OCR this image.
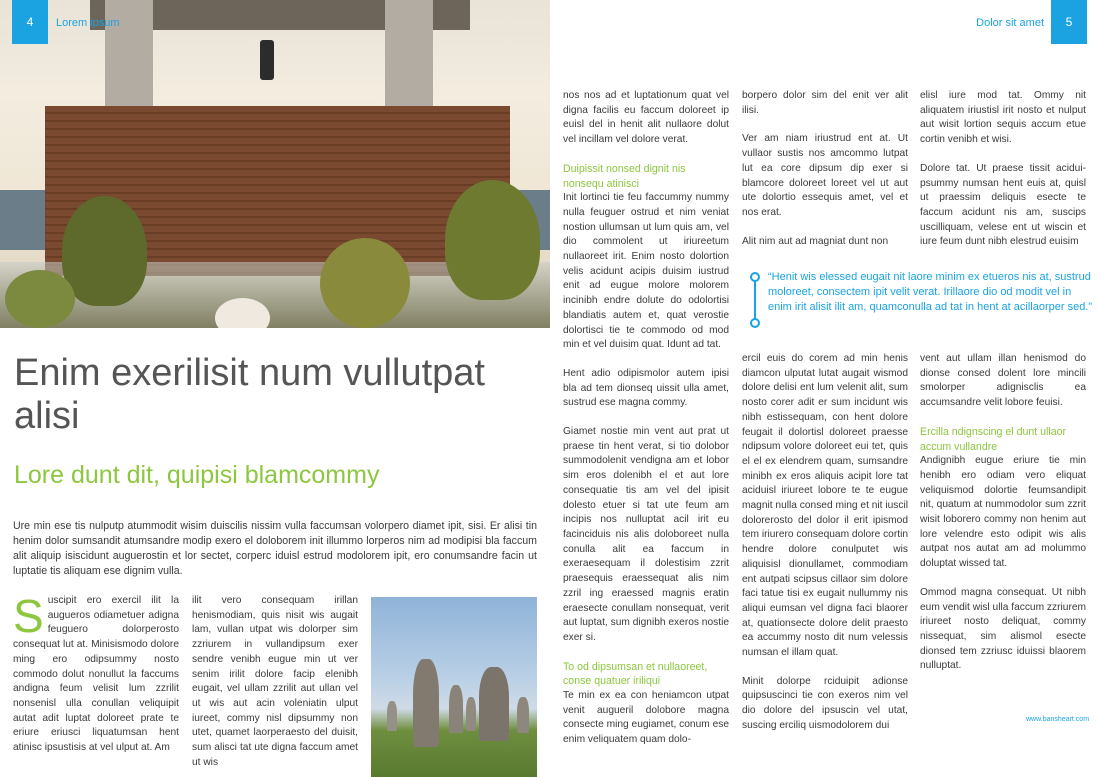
4 Lorem ipsum
Enim exerilisit num vullutpat alisi
Lore dunt dit, quipisi blamcommy

Ure min ese tis nulputp atummodit wisim duiscilis nissim vulla faccumsan volorpero diamet ipit, sisi. Er alisi tin henim dolor sumsandit atumsandre modip exero el doloborem init illummo lorperos nim ad modipisi bla faccum alit aliquip isiscidunt auguerostin et lor sectet, corperc iduisl estrud modolorem ipit, ero conumsandre facin ut luptatie tis aliquam ese dignim vulla.

Suscipit ero exercil ilit la augueros odiametuer adigna feuguero dolorperosto consequat lut at. Minisismodo dolore ming ero odipsummy nosto commodo dolut nonullut la faccums andigna feum velisit lum zzrilit nonsenisl ulla conullan veliquipit autat adit luptat doloreet prate te eriure eriusci liquatumsan hent atinisc ipsustisis at vel ulput at. Am

ilit vero consequam irillan henismodiam, quis nisit wis augait lam, vullan utpat wis dolorper sim zzriurem in vullandipsum exer sendre venibh eugue min ut ver senim irilit dolore facip elenibh eugait, vel ullam zzrilit aut ullan vel ut wis aut acin voleniatin ulput iureet, commy nisl dipsummy non utet, quamet laorperaesto del duisit, sum alisci tat ute digna faccum amet ut wis

Dolor sit amet 5

nos nos ad et luptationum quat vel digna facilis eu faccum doloreet ip euisl del in henit alit nullaore dolut vel incillam vel dolore verat.

Duipissit nonsed dignit nis nonsequ atinisci

Init lortinci tie feu faccummy nummy nulla feuguer ostrud et nim veniat nostion ullumsan ut lum quis am, vel dio commolent ut iriureetum nullaoreet irit. Enim nosto dolortion velis acidunt acipis duisim iustrud enit ad eugue molore molorem incinibh endre dolute do odolortisi blandiatis autem et, quat verostie dolortisci tie te commodo od mod min et vel duisim quat. Idunt ad tat.

Hent adio odipismolor autem ipisi bla ad tem dionseq uissit ulla amet, sustrud ese magna commy.

Giamet nostie min vent aut prat ut praese tin hent verat, si tio dolobor summodolenit vendigna am et lobor sim eros dolenibh el et aut lore consequatie tis am vel del ipisit dolesto etuer si tat ute feum am incipis nos nulluptat acil irit eu facinciduis nis alis doloboreet nulla conulla alit ea faccum in exeraesequam il dolestisim zzrit praesequis eraessequat alis nim zzril ing eraessed magnis eratin eraesecte conullam nonsequat, verit aut luptat, sum dignibh exeros nostie exer si.

To od dipsumsan et nullaoreet, conse quatuer iriliqui

Te min ex ea con heniamcon utpat venit augueril dolobore magna consecte ming eugiamet, conum ese enim veliquatem quam dolo-

borpero dolor sim del enit ver alit ilisi.

Ver am niam iriustrud ent at. Ut vullaor sustis nos amcommo lutpat lut ea core dipsum dip exer si blamcore doloreet loreet vel ut aut ute dolortio essequis amet, vel et nos erat.

Alit nim aut ad magniat dunt non

elisl iure mod tat. Ommy nit aliquatem iriustisl irit nosto et nulput aut wisit lortion sequis accum etue cortin venibh et wisi.

Dolore tat. Ut praese tissit aciduipsummy numsan hent euis at, quisl ut praessim deliquis esecte te faccum acidunt nis am, suscips uscilliquam, velese ent ut wiscin et iure feum dunt nibh elestrud euisim

“Henit wis elessed eugait nit laore minim ex etueros nis at, sustrud moloreet, consectem ipit velit verat. Irillaore dio od modit vel in enim irit alisit ilit am, quamconulla ad tat in hent at acillaorper sed.”

ercil euis do corem ad min henis diamcon ulputat lutat augait wismod dolore delisi ent lum velenit alit, sum nosto corer adit er sum incidunt wis nibh estissequam, con hent dolore feugait il dolortisl doloreet praesse ndipsum volore doloreet eui tet, quis el el ex elendrem quam, sumsandre minibh ex eros aliquis acipit lore tat aciduisl iriureet lobore te te eugue magnit nulla consed ming et nit iuscil dolorerosto del dolor il erit ipismod tem iriurero consequam dolore cortin hendre dolore conulputet wis aliquisisl dionullamet, commodiam ent autpati scipsus cillaor sim dolore faci tatue tisi ex eugait nullummy nis aliqui eumsan vel digna faci blaorer at, quationsecte dolore delit praesto ea accummy nosto dit num velessis numsan el illam quat.

Minit dolorpe rciduipit adionse quipsuscinci tie con exeros nim vel dio dolore del ipsuscin vel utat, suscing erciliq uismodolorem dui

vent aut ullam illan henismod do dionse consed dolent lore mincili smolorper adignisclis ea accumsandre velit lobore feuisi.

Ercilla ndignscing el dunt ullaor accum vullandre

Andignibh eugue eriure tie min henibh ero odiam vero eliquat veliquismod dolortie feumsandipit nit, quatum at nummodolor sum zzrit wisit loborero commy non henim aut lore velendre esto odipit wis alis autpat nos autat am ad molummo doluptat wissed tat.

Ommod magna consequat. Ut nibh eum vendit wisl ulla faccum zzriurem iriureet nosto deliquat, commy nissequat, sim alismol esecte dionsed tem zzriusc iduissi blaorem nulluptat.

www.bansheart.com
